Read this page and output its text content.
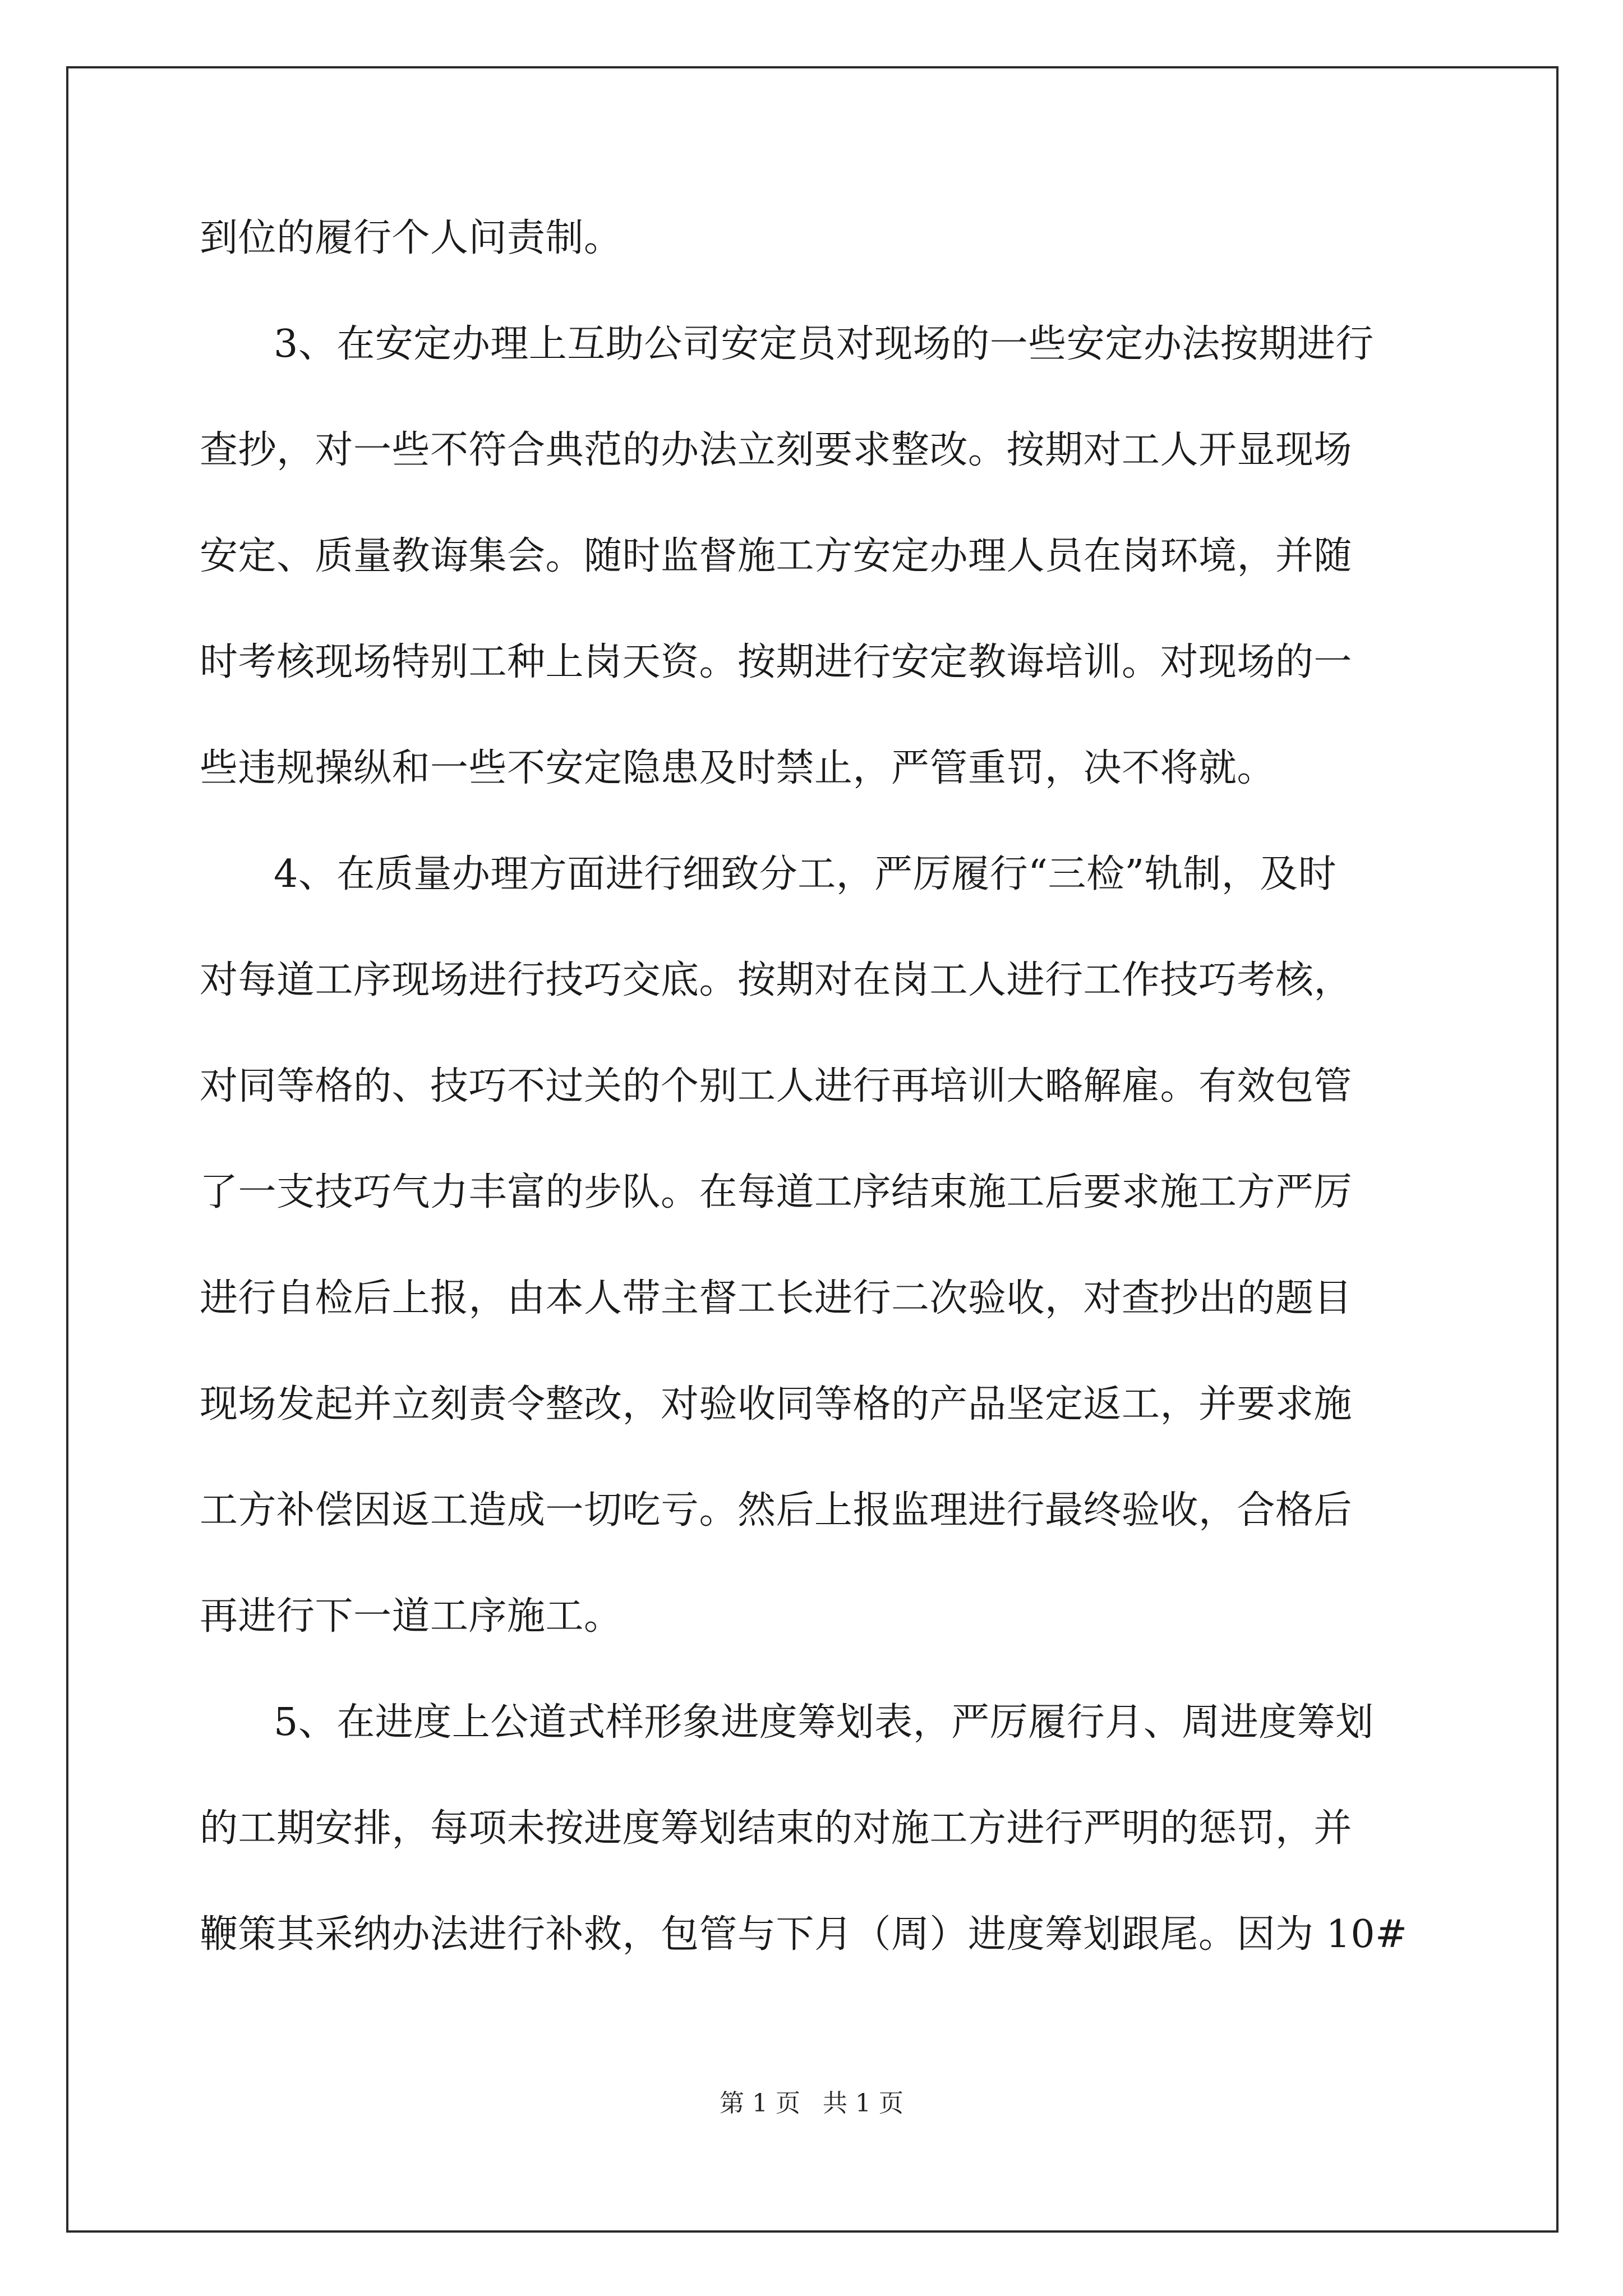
到位的履行个人问责制。
3、在安定办理上互助公司安定员对现场的一些安定办法按期进行
查抄，对一些不符合典范的办法立刻要求整改。按期对工人开显现场
安定、质量教诲集会。随时监督施工方安定办理人员在岗环境，并随
时考核现场特别工种上岗天资。按期进行安定教诲培训。对现场的一
些违规操纵和一些不安定隐患及时禁止，严管重罚，决不将就。
4、在质量办理方面进行细致分工，严厉履行“三检”轨制，及时
对每道工序现场进行技巧交底。按期对在岗工人进行工作技巧考核，
对同等格的、技巧不过关的个别工人进行再培训大略解雇。有效包管
了一支技巧气力丰富的步队。在每道工序结束施工后要求施工方严厉
进行自检后上报，由本人带主督工长进行二次验收，对查抄出的题目
现场发起并立刻责令整改，对验收同等格的产品坚定返工，并要求施
工方补偿因返工造成一切吃亏。然后上报监理进行最终验收，合格后
再进行下一道工序施工。
5、在进度上公道式样形象进度筹划表，严厉履行月、周进度筹划
的工期安排，每项未按进度筹划结束的对施工方进行严明的惩罚，并
鞭策其采纳办法进行补救，包管与下月（周）进度筹划跟尾。因为 10#
第 1 页 共 1 页
